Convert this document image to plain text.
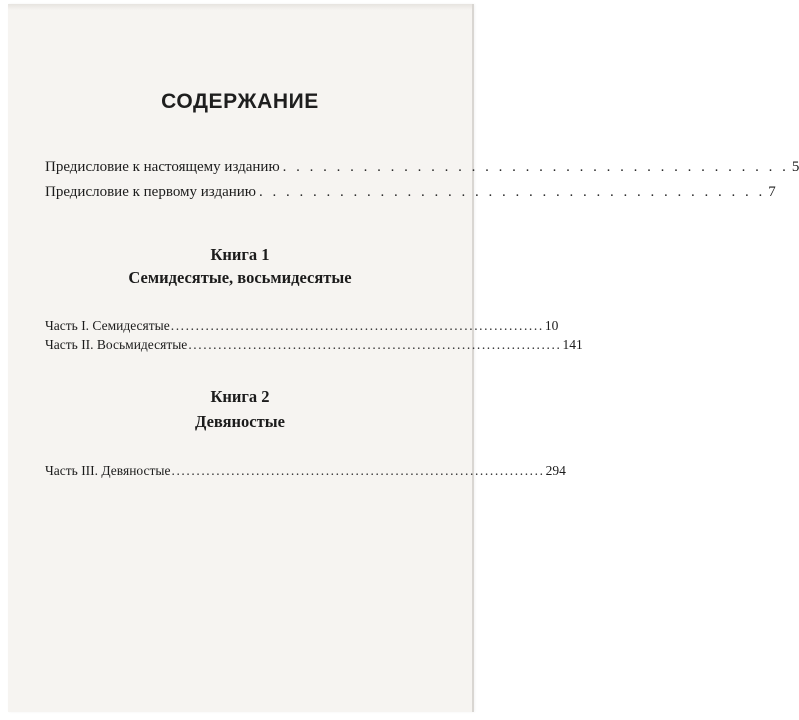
СОДЕРЖАНИЕ
Предисловие к настоящему изданию . . . . . . . . . . . . . . . . . . . . . . . . . . . . . . . . . . . . . . 5
Предисловие к первому изданию . . . . . . . . . . . . . . . . . . . . . . . . . . . . . . . . . . . . . . 7
Книга 1
Семидесятые, восьмидесятые
Часть I. Семидесятые ........................................................................... 10
Часть II. Восьмидесятые ........................................................................... 141
Книга 2
Девяностые
Часть III. Девяностые ........................................................................... 294
